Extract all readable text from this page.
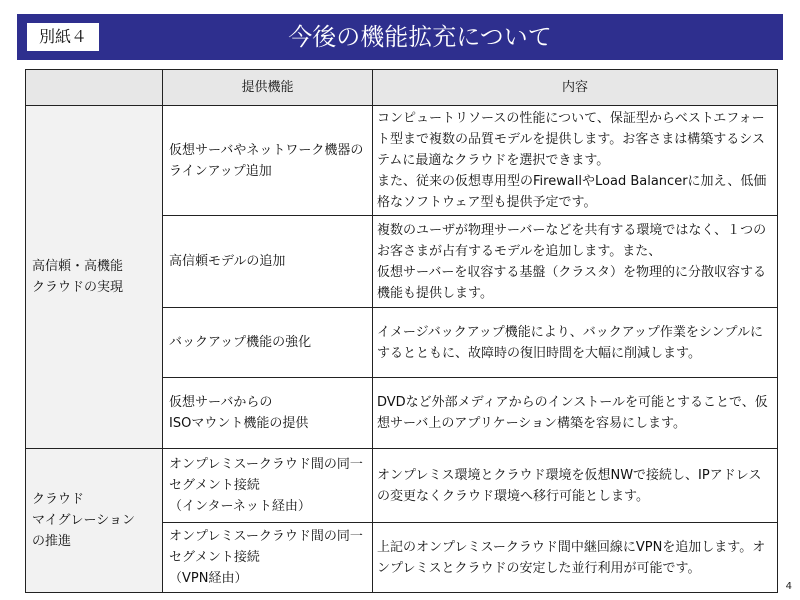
別紙４	今後の機能拡充について
	提供機能	内容
高信頼・高機能
クラウドの実現	仮想サーバやネットワーク機器のラインアップ追加	コンピュートリソースの性能について、保証型からベストエフォート型まで複数の品質モデルを提供します。お客さまは構築するシステムに最適なクラウドを選択できます。
また、従来の仮想専用型のFirewallやLoad Balancerに加え、低価格なソフトウェア型も提供予定です。
	高信頼モデルの追加	複数のユーザが物理サーバーなどを共有する環境ではなく、１つのお客さまが占有するモデルを追加します。また、
仮想サーバーを収容する基盤（クラスタ）を物理的に分散収容する機能も提供します。
	バックアップ機能の強化	イメージバックアップ機能により、バックアップ作業をシンプルにするとともに、故障時の復旧時間を大幅に削減します。
	仮想サーバからの
ISOマウント機能の提供	DVDなど外部メディアからのインストールを可能とすることで、仮想サーバ上のアプリケーション構築を容易にします。
クラウド
マイグレーション
の推進	オンプレミスークラウド間の同一セグメント接続
（インターネット経由）	オンプレミス環境とクラウド環境を仮想NWで接続し、IPアドレスの変更なくクラウド環境へ移行可能とします。
	オンプレミスークラウド間の同一セグメント接続
（VPN経由）	上記のオンプレミスークラウド間中継回線にVPNを追加します。オンプレミスとクラウドの安定した並行利用が可能です。
4
